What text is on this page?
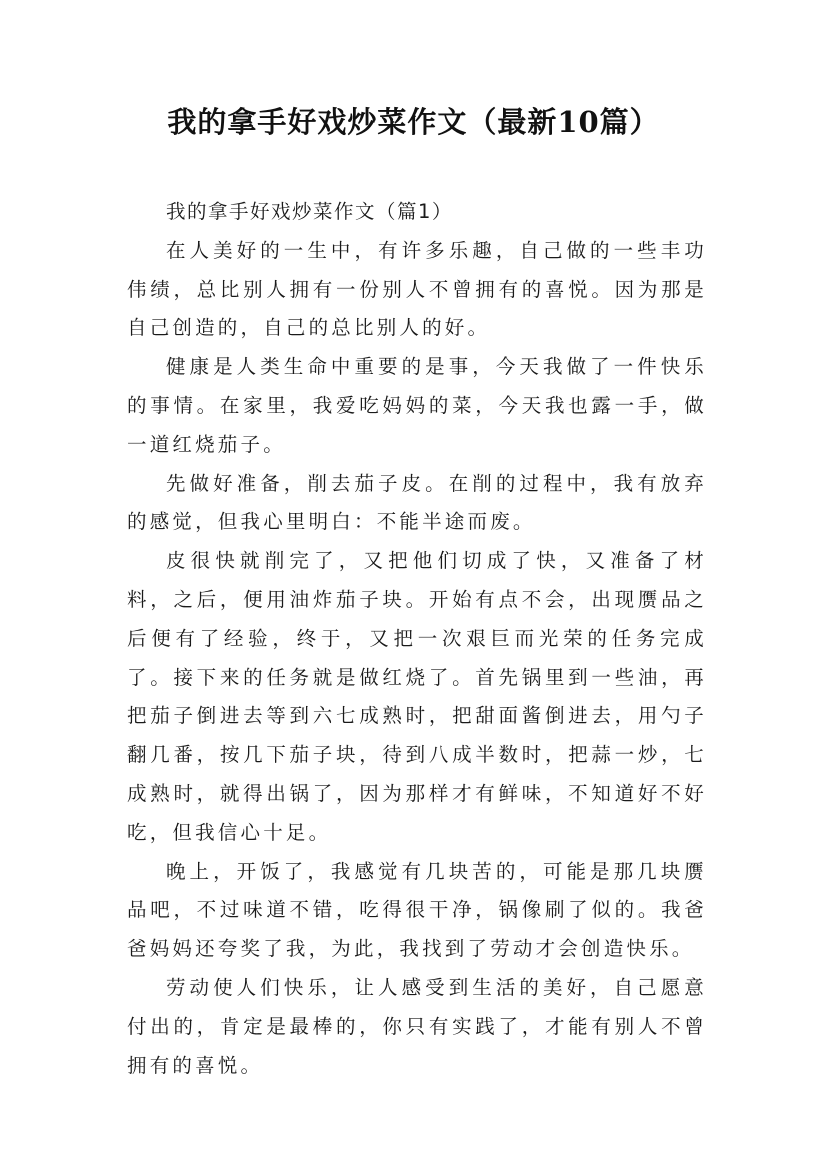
我的拿手好戏炒菜作文（最新10篇）

我的拿手好戏炒菜作文（篇1）

在人美好的一生中，有许多乐趣，自己做的一些丰功伟绩，总比别人拥有一份别人不曾拥有的喜悦。因为那是自己创造的，自己的总比别人的好。

健康是人类生命中重要的是事，今天我做了一件快乐的事情。在家里，我爱吃妈妈的菜，今天我也露一手，做一道红烧茄子。

先做好准备，削去茄子皮。在削的过程中，我有放弃的感觉，但我心里明白：不能半途而废。

皮很快就削完了，又把他们切成了快，又准备了材料，之后，便用油炸茄子块。开始有点不会，出现赝品之后便有了经验，终于，又把一次艰巨而光荣的任务完成了。接下来的任务就是做红烧了。首先锅里到一些油，再把茄子倒进去等到六七成熟时，把甜面酱倒进去，用勺子翻几番，按几下茄子块，待到八成半数时，把蒜一炒，七成熟时，就得出锅了，因为那样才有鲜味，不知道好不好吃，但我信心十足。

晚上，开饭了，我感觉有几块苦的，可能是那几块赝品吧，不过味道不错，吃得很干净，锅像刷了似的。我爸爸妈妈还夸奖了我，为此，我找到了劳动才会创造快乐。

劳动使人们快乐，让人感受到生活的美好，自己愿意付出的，肯定是最棒的，你只有实践了，才能有别人不曾拥有的喜悦。
